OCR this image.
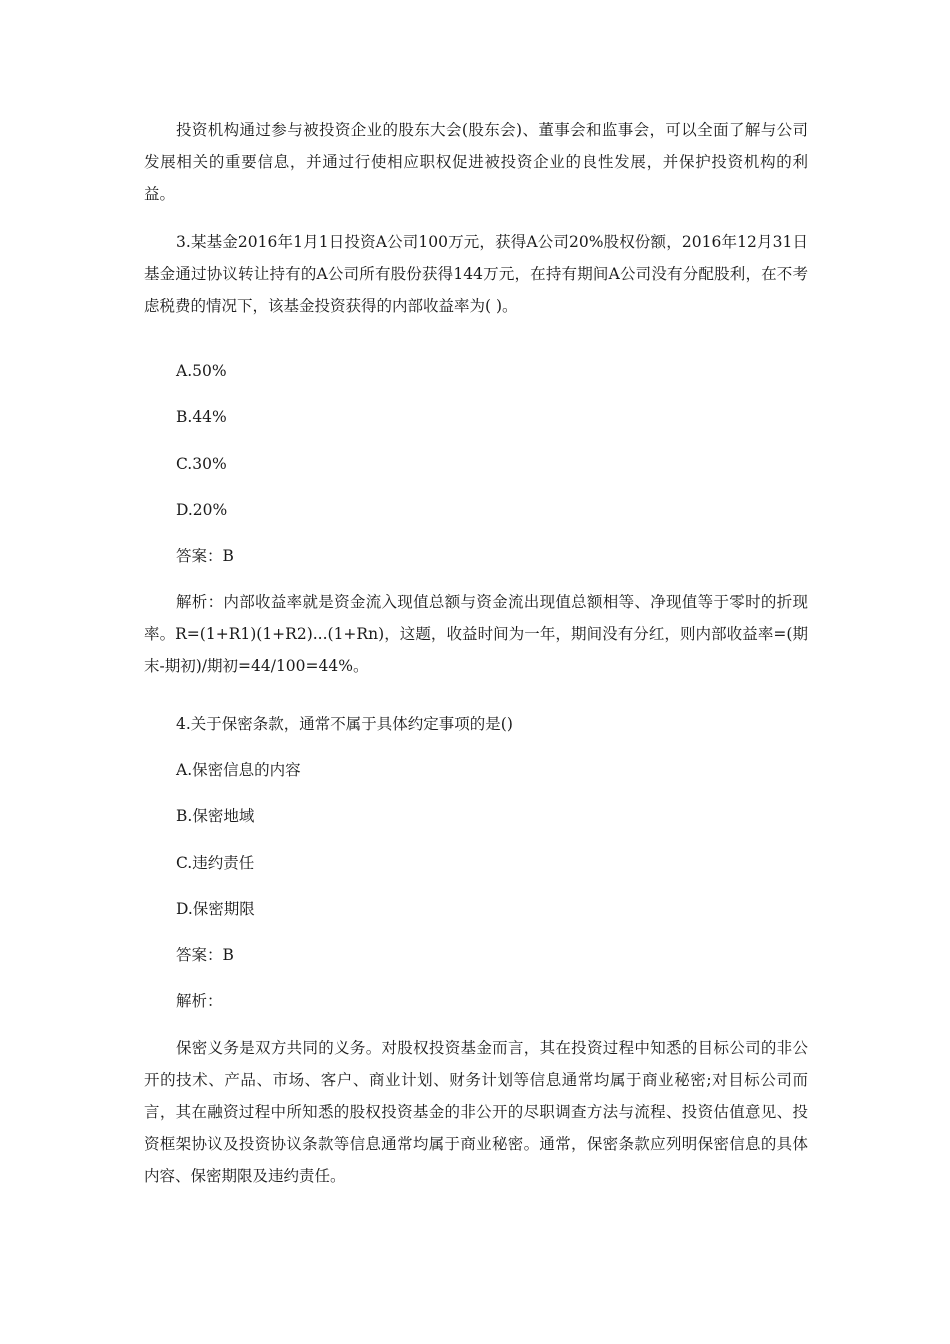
投资机构通过参与被投资企业的股东大会(股东会)、董事会和监事会，可以全面了解与公司发展相关的重要信息，并通过行使相应职权促进被投资企业的良性发展，并保护投资机构的利益。

3.某基金2016年1月1日投资A公司100万元，获得A公司20%股权份额，2016年12月31日基金通过协议转让持有的A公司所有股份获得144万元，在持有期间A公司没有分配股利，在不考虑税费的情况下，该基金投资获得的内部收益率为( )。

A.50%

B.44%

C.30%

D.20%

答案：B

解析：内部收益率就是资金流入现值总额与资金流出现值总额相等、净现值等于零时的折现率。R=(1+R1)(1+R2)...(1+Rn)，这题，收益时间为一年，期间没有分红，则内部收益率=(期末-期初)/期初=44/100=44%。

4.关于保密条款，通常不属于具体约定事项的是()

A.保密信息的内容

B.保密地域

C.违约责任

D.保密期限

答案：B

解析：

保密义务是双方共同的义务。对股权投资基金而言，其在投资过程中知悉的目标公司的非公开的技术、产品、市场、客户、商业计划、财务计划等信息通常均属于商业秘密;对目标公司而言，其在融资过程中所知悉的股权投资基金的非公开的尽职调查方法与流程、投资估值意见、投资框架协议及投资协议条款等信息通常均属于商业秘密。通常，保密条款应列明保密信息的具体内容、保密期限及违约责任。
